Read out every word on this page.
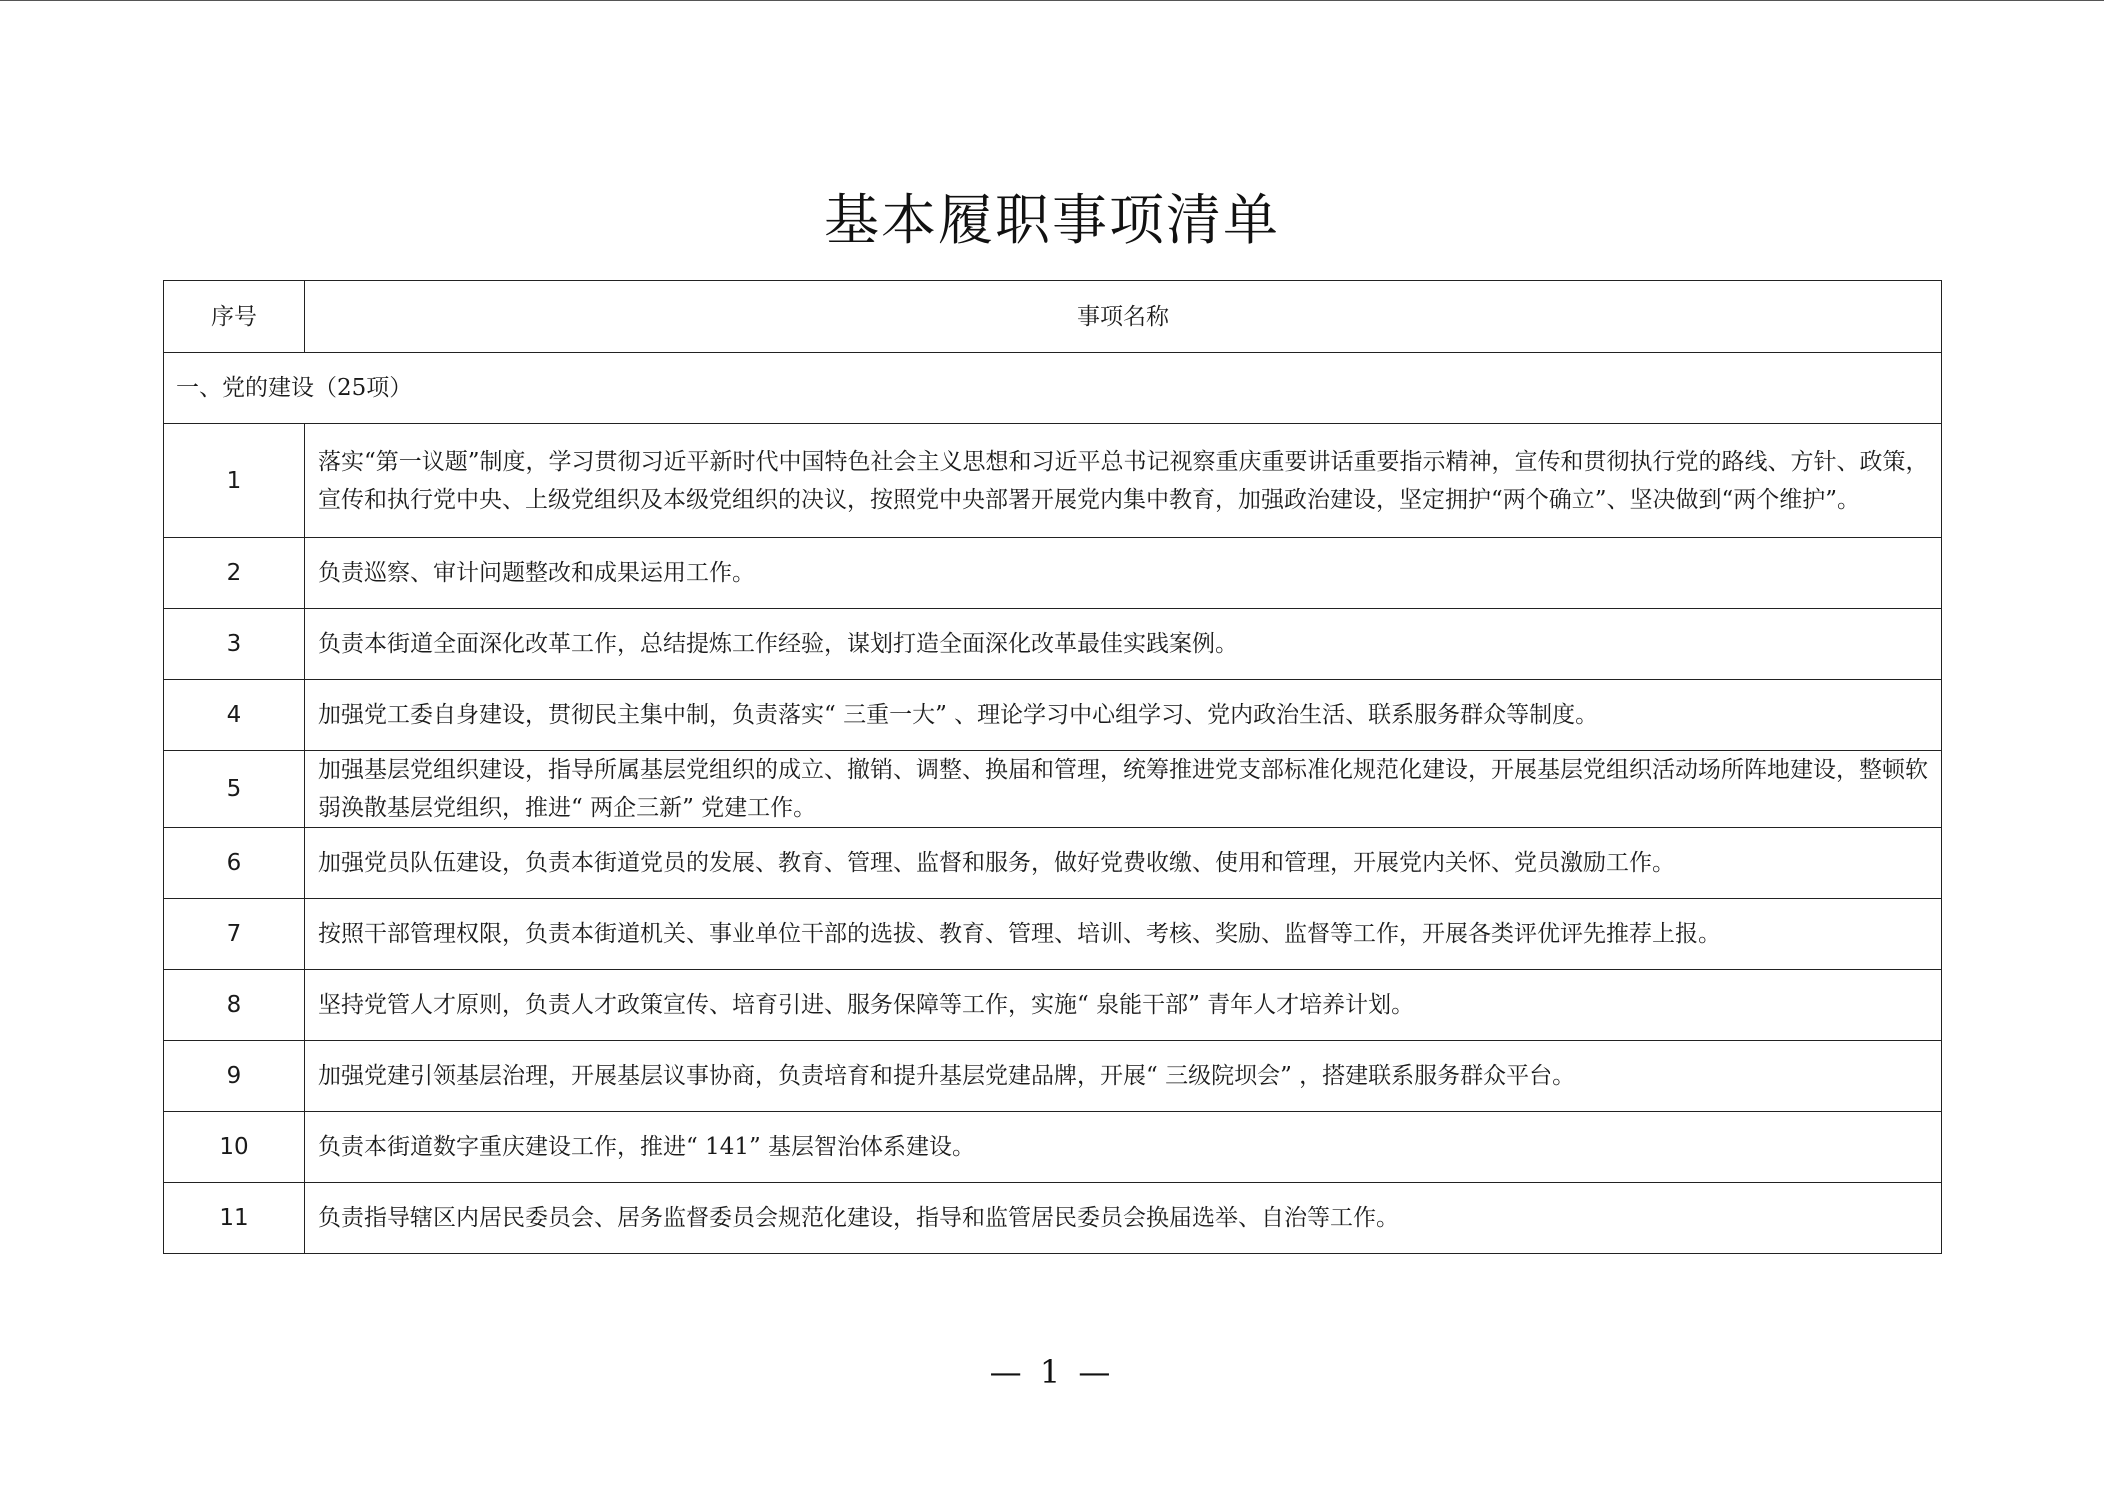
基本履职事项清单
序号	事项名称
一、党的建设（25项）	
1	落实“第一议题”制度，学习贯彻习近平新时代中国特色社会主义思想和习近平总书记视察重庆重要讲话重要指示精神，宣传和贯彻执行党的路线、方针、政策，宣传和执行党中央、上级党组织及本级党组织的决议，按照党中央部署开展党内集中教育，加强政治建设，坚定拥护“两个确立”、坚决做到“两个维护”。
2	负责巡察、审计问题整改和成果运用工作。
3	负责本街道全面深化改革工作，总结提炼工作经验，谋划打造全面深化改革最佳实践案例。
4	加强党工委自身建设，贯彻民主集中制，负责落实“ 三重一大” 、理论学习中心组学习、党内政治生活、联系服务群众等制度。
5	加强基层党组织建设，指导所属基层党组织的成立、撤销、调整、换届和管理，统筹推进党支部标准化规范化建设，开展基层党组织活动场所阵地建设，整顿软弱涣散基层党组织，推进“ 两企三新” 党建工作。
6	加强党员队伍建设，负责本街道党员的发展、教育、管理、监督和服务，做好党费收缴、使用和管理，开展党内关怀、党员激励工作。
7	按照干部管理权限，负责本街道机关、事业单位干部的选拔、教育、管理、培训、考核、奖励、监督等工作，开展各类评优评先推荐上报。
8	坚持党管人才原则，负责人才政策宣传、培育引进、服务保障等工作，实施“ 泉能干部” 青年人才培养计划。
9	加强党建引领基层治理，开展基层议事协商，负责培育和提升基层党建品牌，开展“ 三级院坝会” ，搭建联系服务群众平台。
10	负责本街道数字重庆建设工作，推进“ 141” 基层智治体系建设。
11	负责指导辖区内居民委员会、居务监督委员会规范化建设，指导和监管居民委员会换届选举、自治等工作。
— 1 —
